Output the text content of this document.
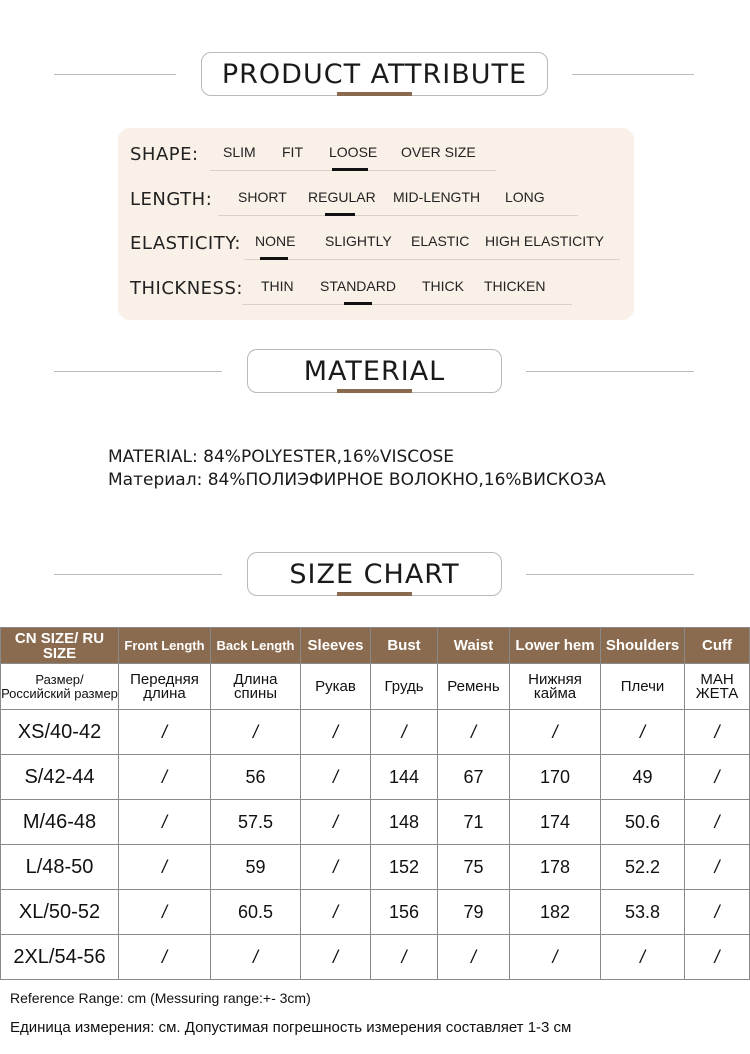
PRODUCT ATTRIBUTE
SHAPE: SLIM FIT LOOSE OVER SIZE
LENGTH: SHORT REGULAR MID-LENGTH LONG
ELASTICITY: NONE SLIGHTLY ELASTIC HIGH ELASTICITY
THICKNESS: THIN STANDARD THICK THICKEN
MATERIAL
MATERIAL: 84%POLYESTER,16%VISCOSE
Материал: 84%ПОЛИЭФИРНОЕ ВОЛОКНО,16%ВИСКОЗА
SIZE CHART
CN SIZE/ RU SIZE	Front Length	Back Length	Sleeves	Bust	Waist	Lower hem	Shoulders	Cuff
Размер/ Российский размер	Передняя длина	Длина спины	Рукав	Грудь	Ремень	Нижняя кайма	Плечи	МАН ЖЕТА
XS/40-42	/	/	/	/	/	/	/	/
S/42-44	/	56	/	144	67	170	49	/
M/46-48	/	57.5	/	148	71	174	50.6	/
L/48-50	/	59	/	152	75	178	52.2	/
XL/50-52	/	60.5	/	156	79	182	53.8	/
2XL/54-56	/	/	/	/	/	/	/	/
Reference Range: cm (Messuring range:+- 3cm)
Единица измерения: см. Допустимая погрешность измерения составляет 1-3 см
